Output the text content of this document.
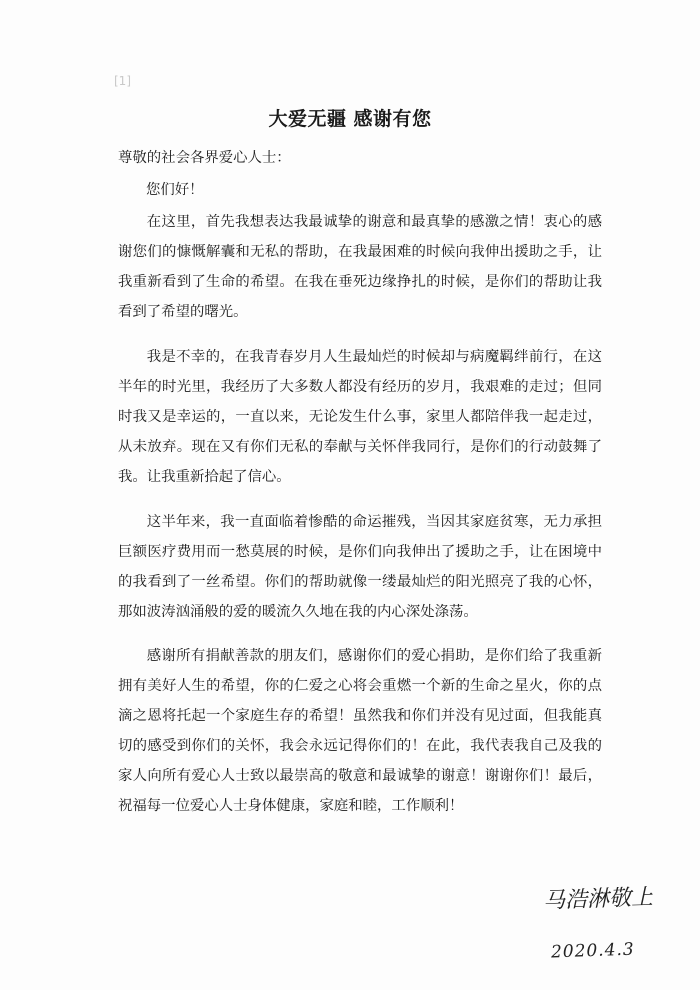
[1]
大爱无疆 感谢有您
尊敬的社会各界爱心人士：
您们好！
在这里，首先我想表达我最诚挚的谢意和最真挚的感激之情！衷心的感谢您们的慷慨解囊和无私的帮助，在我最困难的时候向我伸出援助之手，让我重新看到了生命的希望。在我在垂死边缘挣扎的时候，是你们的帮助让我看到了希望的曙光。
我是不幸的，在我青春岁月人生最灿烂的时候却与病魔羁绊前行，在这半年的时光里，我经历了大多数人都没有经历的岁月，我艰难的走过；但同时我又是幸运的，一直以来，无论发生什么事，家里人都陪伴我一起走过，从未放弃。现在又有你们无私的奉献与关怀伴我同行，是你们的行动鼓舞了我。让我重新拾起了信心。
这半年来，我一直面临着惨酷的命运摧残，当因其家庭贫寒，无力承担巨额医疗费用而一愁莫展的时候，是你们向我伸出了援助之手，让在困境中的我看到了一丝希望。你们的帮助就像一缕最灿烂的阳光照亮了我的心怀，那如波涛汹涌般的爱的暖流久久地在我的内心深处涤荡。
感谢所有捐献善款的朋友们，感谢你们的爱心捐助，是你们给了我重新拥有美好人生的希望，你的仁爱之心将会重燃一个新的生命之星火，你的点滴之恩将托起一个家庭生存的希望！虽然我和你们并没有见过面，但我能真切的感受到你们的关怀，我会永远记得你们的！在此，我代表我自己及我的家人向所有爱心人士致以最崇高的敬意和最诚挚的谢意！谢谢你们！最后，祝福每一位爱心人士身体健康，家庭和睦，工作顺利！
马浩淋敬上
2020.4.3
